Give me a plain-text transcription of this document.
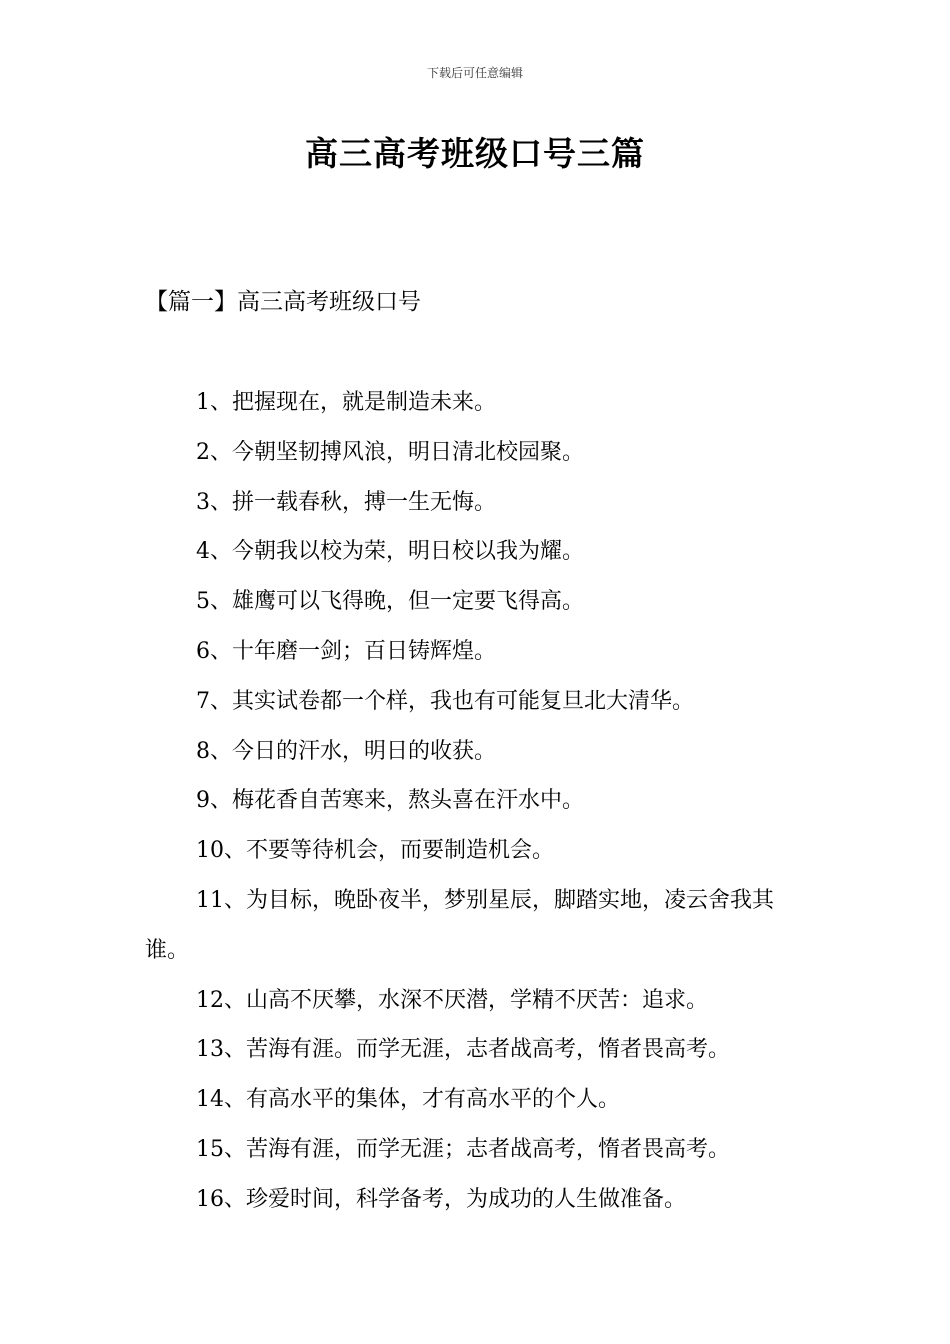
下载后可任意编辑
高三高考班级口号三篇
【篇一】高三高考班级口号
1、把握现在，就是制造未来。
2、今朝坚韧搏风浪，明日清北校园聚。
3、拼一载春秋，搏一生无悔。
4、今朝我以校为荣，明日校以我为耀。
5、雄鹰可以飞得晚，但一定要飞得高。
6、十年磨一剑；百日铸辉煌。
7、其实试卷都一个样，我也有可能复旦北大清华。
8、今日的汗水，明日的收获。
9、梅花香自苦寒来，熬头喜在汗水中。
10、不要等待机会，而要制造机会。
11、为目标，晚卧夜半，梦别星辰，脚踏实地，凌云舍我其谁。
12、山高不厌攀，水深不厌潜，学精不厌苦：追求。
13、苦海有涯。而学无涯，志者战高考，惰者畏高考。
14、有高水平的集体，才有高水平的个人。
15、苦海有涯，而学无涯；志者战高考，惰者畏高考。
16、珍爱时间，科学备考，为成功的人生做准备。
